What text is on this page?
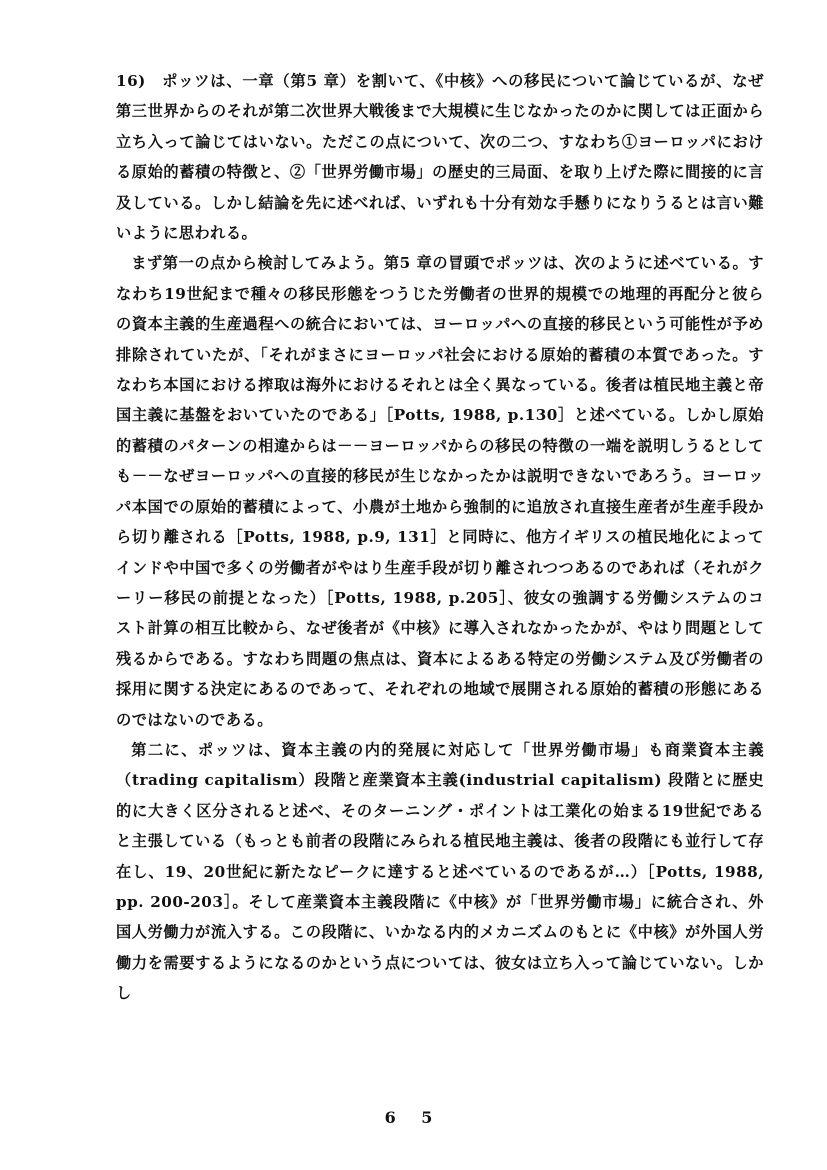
16)　ポッツは、一章（第5 章）を割いて、《中核》への移民について論じているが、なぜ第三世界からのそれが第二次世界大戦後まで大規模に生じなかったのかに関しては正面から立ち入って論じてはいない。ただこの点について、次の二つ、すなわち①ヨーロッパにおける原始的蓄積の特徴と、②「世界労働市場」の歴史的三局面、を取り上げた際に間接的に言及している。しかし結論を先に述べれば、いずれも十分有効な手懸りになりうるとは言い難いように思われる。

まず第一の点から検討してみよう。第5 章の冒頭でポッツは、次のように述べている。すなわち19世紀まで種々の移民形態をつうじた労働者の世界的規模での地理的再配分と彼らの資本主義的生産過程への統合においては、ヨーロッパへの直接的移民という可能性が予め排除されていたが、「それがまさにヨーロッパ社会における原始的蓄積の本質であった。すなわち本国における搾取は海外におけるそれとは全く異なっている。後者は植民地主義と帝国主義に基盤をおいていたのである」［Potts, 1988, p.130］と述べている。しかし原始的蓄積のパターンの相違からは－－ヨーロッパからの移民の特徴の一端を説明しうるとしても－－なぜヨーロッパへの直接的移民が生じなかったかは説明できないであろう。ヨーロッパ本国での原始的蓄積によって、小農が土地から強制的に追放され直接生産者が生産手段から切り離される［Potts, 1988, p.9, 131］と同時に、他方イギリスの植民地化によってインドや中国で多くの労働者がやはり生産手段が切り離されつつあるのであれば（それがクーリー移民の前提となった）［Potts, 1988, p.205］、彼女の強調する労働システムのコスト計算の相互比較から、なぜ後者が《中核》に導入されなかったかが、やはり問題として残るからである。すなわち問題の焦点は、資本によるある特定の労働システム及び労働者の採用に関する決定にあるのであって、それぞれの地域で展開される原始的蓄積の形態にあるのではないのである。

第二に、ポッツは、資本主義の内的発展に対応して「世界労働市場」も商業資本主義（trading capitalism）段階と産業資本主義(industrial capitalism) 段階とに歴史的に大きく区分されると述べ、そのターニング・ポイントは工業化の始まる19世紀であると主張している（もっとも前者の段階にみられる植民地主義は、後者の段階にも並行して存在し、19、20世紀に新たなピークに達すると述べているのであるが…）［Potts, 1988, pp. 200-203］。そして産業資本主義段階に《中核》が「世界労働市場」に統合され、外国人労働力が流入する。この段階に、いかなる内的メカニズムのもとに《中核》が外国人労働力を需要するようになるのかという点については、彼女は立ち入って論じていない。しかし

6 5
